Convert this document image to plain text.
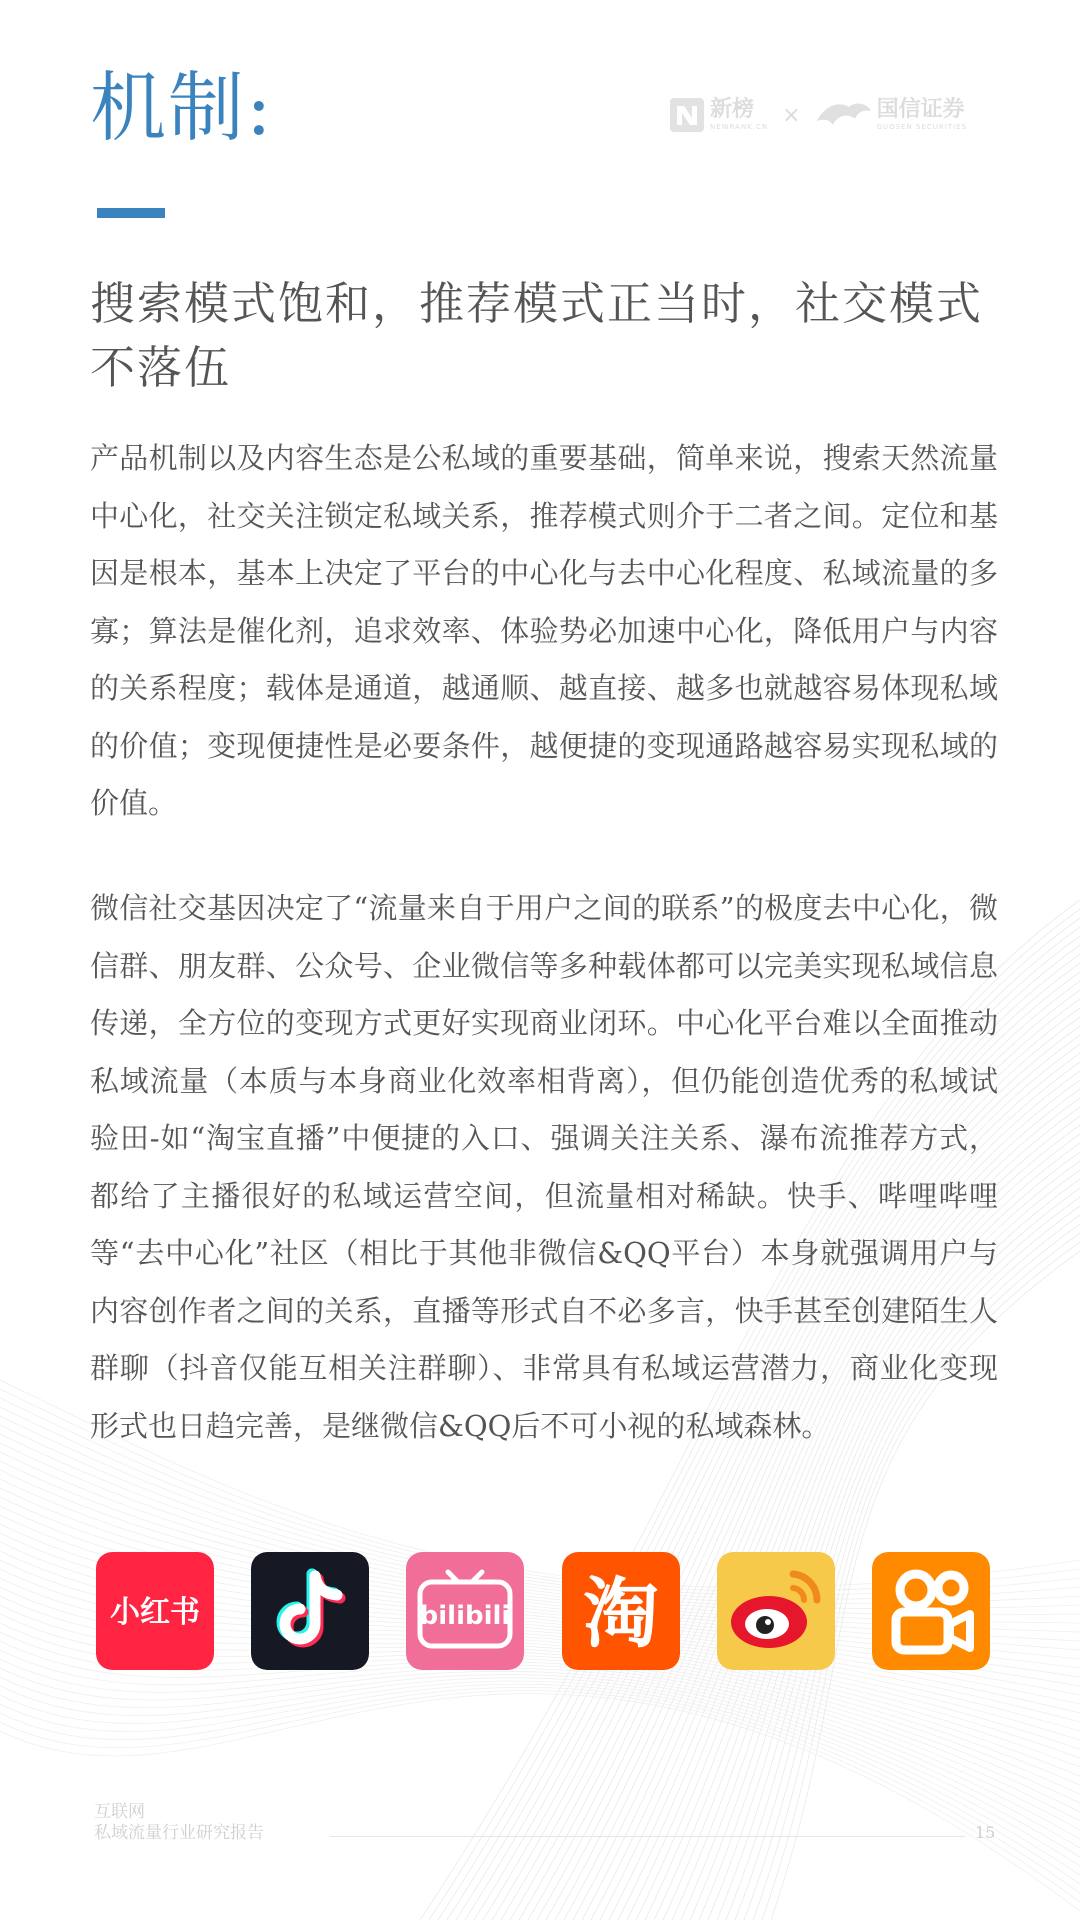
机制:	新榜
NEWRANK.CN ×	国信证券
GUOSEN SECURITIES
搜索模式饱和，推荐模式正当时，社交模式不落伍
产品机制以及内容生态是公私域的重要基础，简单来说，搜索天然流量中心化，社交关注锁定私域关系，推荐模式则介于二者之间。定位和基因是根本，基本上决定了平台的中心化与去中心化程度、私域流量的多寡；算法是催化剂，追求效率、体验势必加速中心化，降低用户与内容的关系程度；载体是通道，越通顺、越直接、越多也就越容易体现私域的价值；变现便捷性是必要条件，越便捷的变现通路越容易实现私域的价值。
微信社交基因决定了“流量来自于用户之间的联系”的极度去中心化，微信群、朋友群、公众号、企业微信等多种载体都可以完美实现私域信息传递，全方位的变现方式更好实现商业闭环。中心化平台难以全面推动私域流量（本质与本身商业化效率相背离），但仍能创造优秀的私域试验田-如“淘宝直播”中便捷的入口、强调关注关系、瀑布流推荐方式，都给了主播很好的私域运营空间，但流量相对稀缺。快手、哔哩哔哩等“去中心化”社区（相比于其他非微信&QQ平台）本身就强调用户与内容创作者之间的关系，直播等形式自不必多言，快手甚至创建陌生人群聊（抖音仅能互相关注群聊）、非常具有私域运营潜力，商业化变现形式也日趋完善，是继微信&QQ后不可小视的私域森林。
小红书	bilibili 淘
互联网
私域流量行业研究报告	15
